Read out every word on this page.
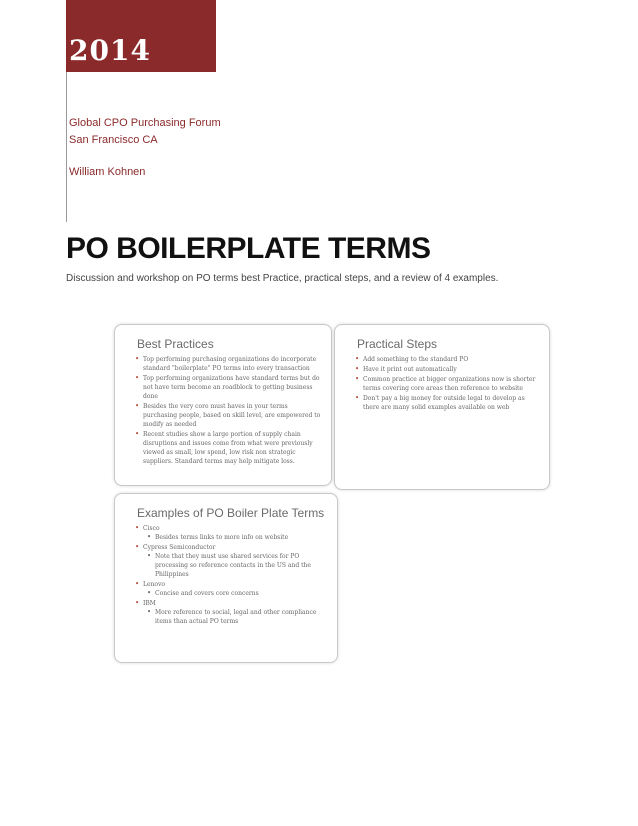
2014
Global CPO Purchasing Forum
San Francisco CA
William Kohnen
PO BOILERPLATE TERMS
Discussion and workshop on PO terms best Practice, practical steps, and a review of 4 examples.
Best Practices
• Top performing purchasing organizations do incorporate standard "boilerplate" PO terms into every transaction
• Top performing organizations have standard terms but do not have term become an roadblock to getting business done
• Besides the very core must haves in your terms purchasing people, based on skill level, are empowered to modify as needed
• Recent studies show a large portion of supply chain disruptions and issues come from what were previously viewed as small, low spend, low risk non strategic suppliers. Standard terms may help mitigate loss.
Practical Steps
• Add something to the standard PO
• Have it print out automatically
• Common practice at bigger organizations now is shorter terms covering core areas then reference to website
• Don't pay a big money for outside legal to develop as there are many solid examples available on web
Examples of PO Boiler Plate Terms
• Cisco
• Besides terms links to more info on website
• Cypress Semiconductor
• Note that they must use shared services for PO processing so reference contacts in the US and the Philippines
• Lenovo
• Concise and covers core concerns
• IBM
• More reference to social, legal and other compliance items than actual PO terms
